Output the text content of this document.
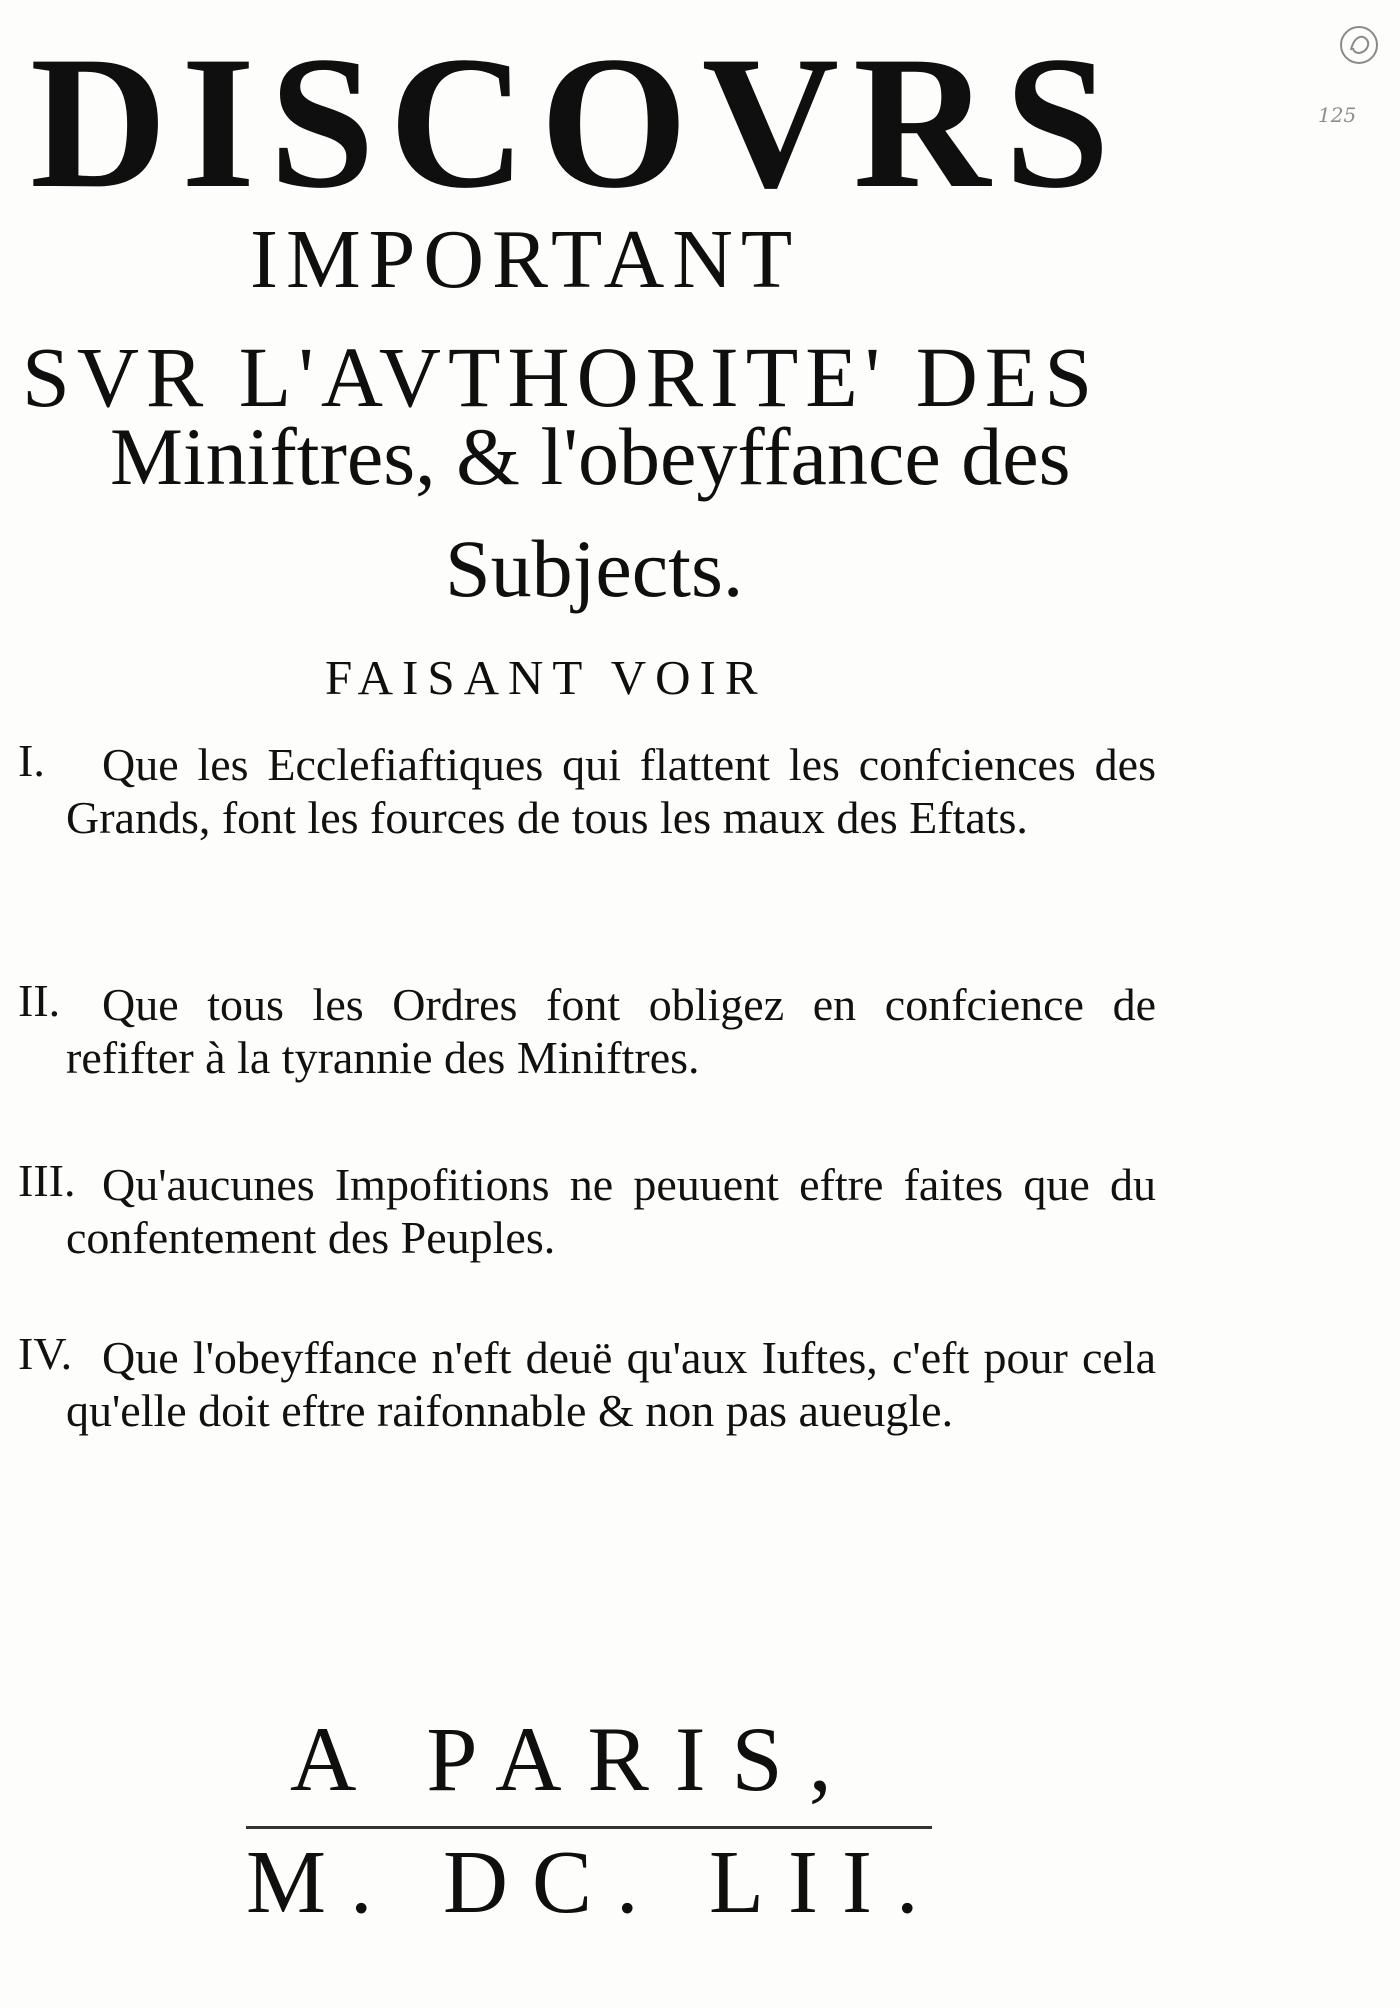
125
DISCOVRS
IMPORTANT
SVR L'AVTHORITE' DES
Miniftres, & l'obeyffance des
Subjects.
FAISANT VOIR
I.	Que les Ecclefiaftiques qui flattent les confciences des Grands, font les fources de tous les maux des Eftats.
II. Que tous les Ordres font obligez en confcience de refifter à la tyrannie des Miniftres.
III. Qu'aucunes Impofitions ne peuuent eftre faites que du confentement des Peuples.
IV. Que l'obeyffance n'eft deuë qu'aux Iuftes, c'eft pour cela qu'elle doit eftre raifonnable & non pas aueugle.
A PARIS,
M. DC. LII.
